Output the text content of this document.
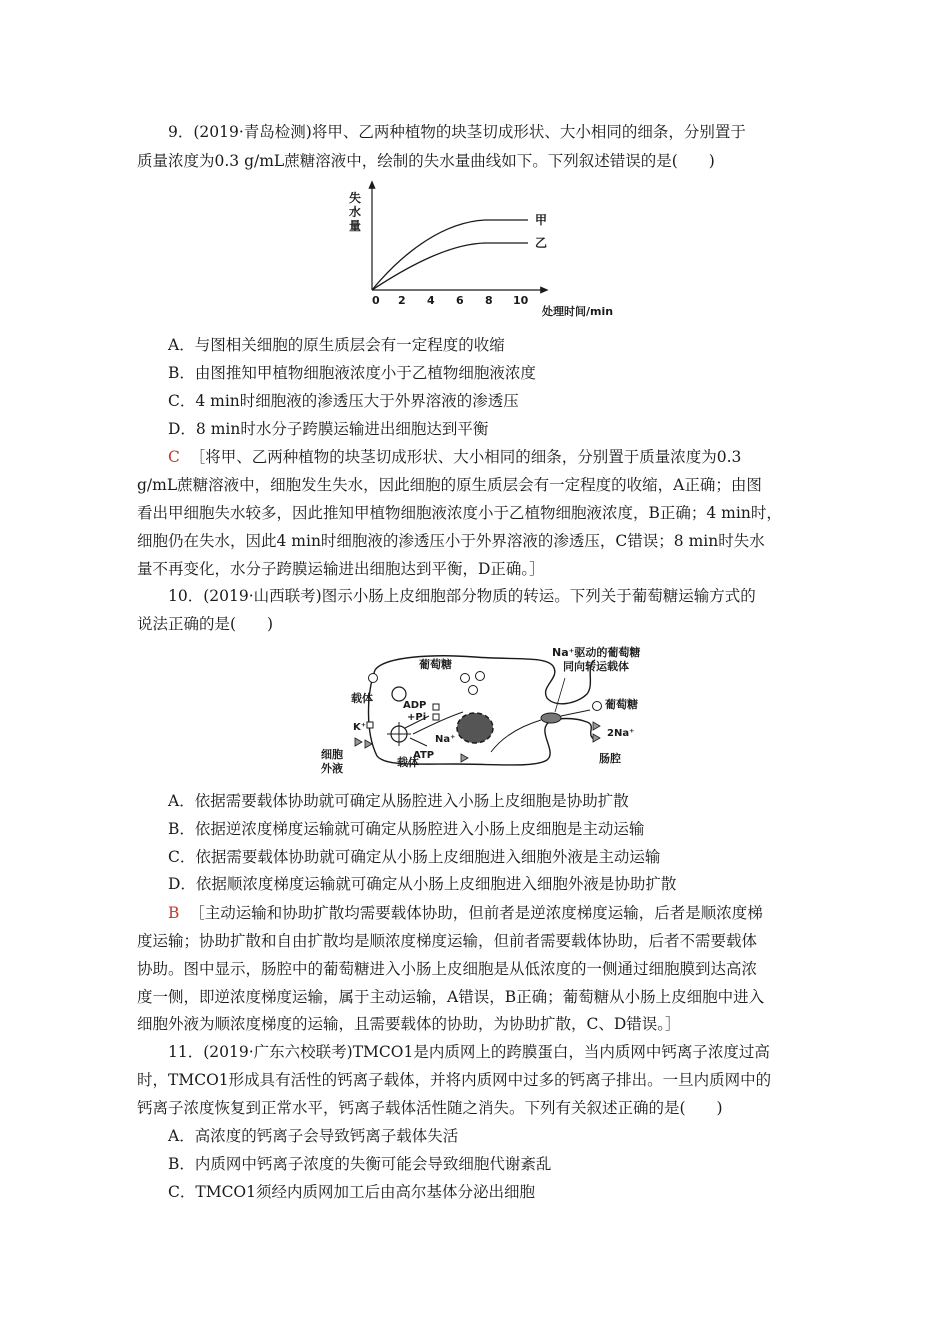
9．(2019·青岛检测)将甲、乙两种植物的块茎切成形状、大小相同的细条，分别置于
质量浓度为0.3 g/mL蔗糖溶液中，绘制的失水量曲线如下。下列叙述错误的是(　　)
失
水
量	甲
乙
0 2 4 6 8 10
处理时间/min
A．与图相关细胞的原生质层会有一定程度的收缩
B．由图推知甲植物细胞液浓度小于乙植物细胞液浓度
C．4 min时细胞液的渗透压大于外界溶液的渗透压
D．8 min时水分子跨膜运输进出细胞达到平衡
C ［将甲、乙两种植物的块茎切成形状、大小相同的细条，分别置于质量浓度为0.3
g/mL蔗糖溶液中，细胞发生失水，因此细胞的原生质层会有一定程度的收缩，A正确；由图
看出甲细胞失水较多，因此推知甲植物细胞液浓度小于乙植物细胞液浓度，B正确；4 min时，
细胞仍在失水，因此4 min时细胞液的渗透压小于外界溶液的渗透压，C错误；8 min时失水
量不再变化，水分子跨膜运输进出细胞达到平衡，D正确。］
10．(2019·山西联考)图示小肠上皮细胞部分物质的转运。下列关于葡萄糖运输方式的
说法正确的是(　　)
Na⁺驱动的葡萄糖
同向转运载体
葡萄糖
葡萄糖
载体
载体
ADP
+Pi
ATP
K⁺
Na⁺
2Na⁺
细胞
外液
肠腔
A．依据需要载体协助就可确定从肠腔进入小肠上皮细胞是协助扩散
B．依据逆浓度梯度运输就可确定从肠腔进入小肠上皮细胞是主动运输
C．依据需要载体协助就可确定从小肠上皮细胞进入细胞外液是主动运输
D．依据顺浓度梯度运输就可确定从小肠上皮细胞进入细胞外液是协助扩散
B ［主动运输和协助扩散均需要载体协助，但前者是逆浓度梯度运输，后者是顺浓度梯
度运输；协助扩散和自由扩散均是顺浓度梯度运输，但前者需要载体协助，后者不需要载体
协助。图中显示，肠腔中的葡萄糖进入小肠上皮细胞是从低浓度的一侧通过细胞膜到达高浓
度一侧，即逆浓度梯度运输，属于主动运输，A错误，B正确；葡萄糖从小肠上皮细胞中进入
细胞外液为顺浓度梯度的运输，且需要载体的协助，为协助扩散，C、D错误。］
11．(2019·广东六校联考)TMCO1是内质网上的跨膜蛋白，当内质网中钙离子浓度过高
时，TMCO1形成具有活性的钙离子载体，并将内质网中过多的钙离子排出。一旦内质网中的
钙离子浓度恢复到正常水平，钙离子载体活性随之消失。下列有关叙述正确的是(　　)
A．高浓度的钙离子会导致钙离子载体失活
B．内质网中钙离子浓度的失衡可能会导致细胞代谢紊乱
C．TMCO1须经内质网加工后由高尔基体分泌出细胞
